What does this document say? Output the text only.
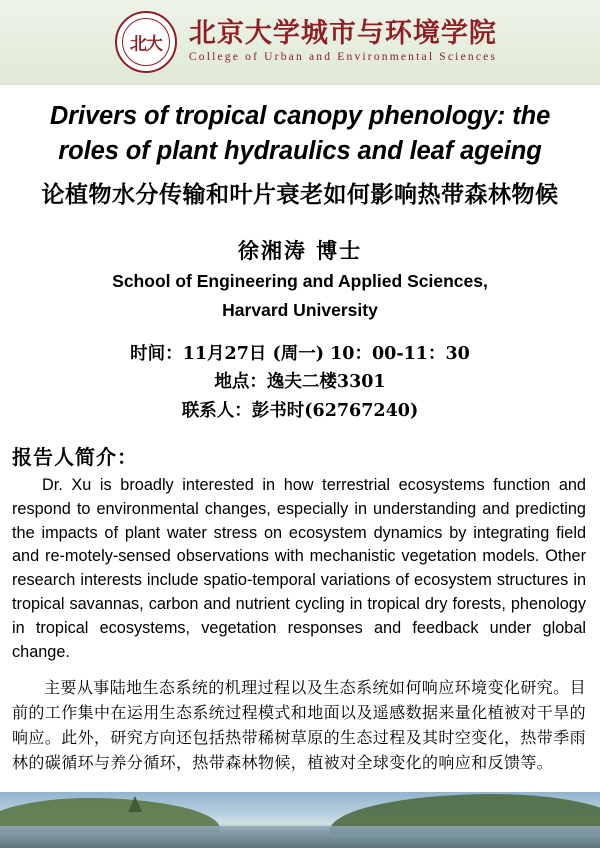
北大	北京大学城市与环境学院
College of Urban and Environmental Sciences
Drivers of tropical canopy phenology: the
roles of plant hydraulics and leaf ageing
论植物水分传输和叶片衰老如何影响热带森林物候
徐湘涛 博士
School of Engineering and Applied Sciences,
Harvard University
时间：11月27日 (周一) 10：00-11：30
地点：逸夫二楼3301
联系人：彭书时(62767240)
报告人简介：
Dr. Xu is broadly interested in how terrestrial ecosystems function and respond to environmental changes, especially in understanding and predicting the impacts of plant water stress on ecosystem dynamics by integrating field and re-motely-sensed observations with mechanistic vegetation models. Other research interests include spatio-temporal variations of ecosystem structures in tropical savannas, carbon and nutrient cycling in tropical dry forests, phenology in tropical ecosystems, vegetation responses and feedback under global change.
主要从事陆地生态系统的机理过程以及生态系统如何响应环境变化研究。目前的工作集中在运用生态系统过程模式和地面以及遥感数据来量化植被对干旱的响应。此外，研究方向还包括热带稀树草原的生态过程及其时空变化，热带季雨林的碳循环与养分循环，热带森林物候，植被对全球变化的响应和反馈等。
